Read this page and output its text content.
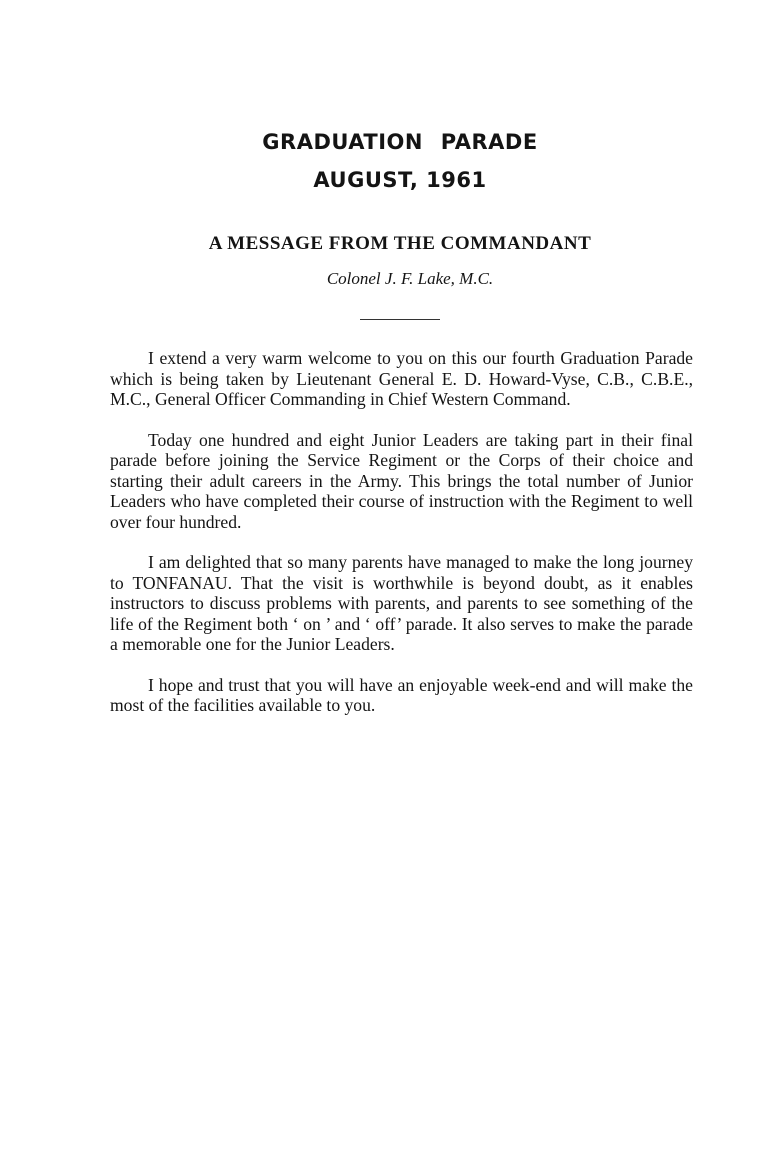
GRADUATION PARADE
AUGUST, 1961
A MESSAGE FROM THE COMMANDANT

Colonel J. F. Lake, M.C.

I extend a very warm welcome to you on this our fourth Graduation Parade which is being taken by Lieutenant General E. D. Howard-Vyse, C.B., C.B.E., M.C., General Officer Commanding in Chief Western Command.

Today one hundred and eight Junior Leaders are taking part in their final parade before joining the Service Regiment or the Corps of their choice and starting their adult careers in the Army. This brings the total number of Junior Leaders who have completed their course of instruction with the Regiment to well over four hundred.

I am delighted that so many parents have managed to make the long journey to TONFANAU. That the visit is worthwhile is beyond doubt, as it enables instructors to discuss problems with parents, and parents to see something of the life of the Regiment both ‘ on ’ and ‘ off’ parade. It also serves to make the parade a memorable one for the Junior Leaders.

I hope and trust that you will have an enjoyable week-end and will make the most of the facilities available to you.
